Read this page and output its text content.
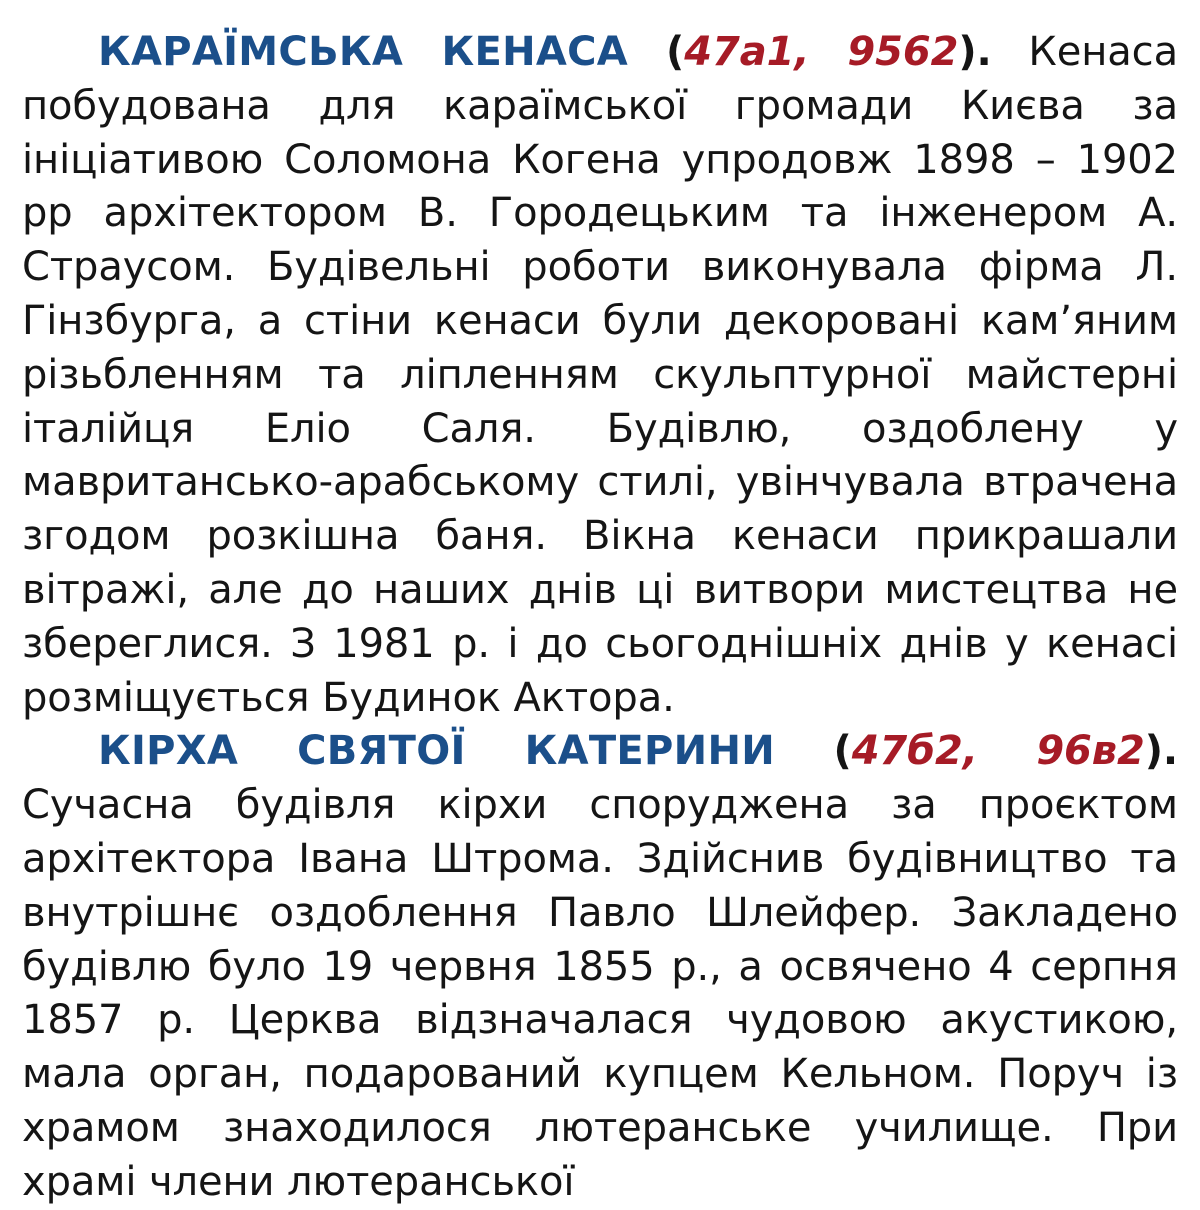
КАРАЇМСЬКА КЕНАСА (47а1, 9562). Кенаса побудована для караїмської громади Києва за ініціативою Соломона Когена упродовж 1898 – 1902 рр архітектором В. Городецьким та інженером А. Страусом. Будівельні роботи виконувала фірма Л. Гінзбурга, а стіни кенаси були декоровані кам’яним різьбленням та ліпленням скульптурної майстерні італійця Еліо Саля. Будівлю, оздоблену у мавритансько-арабському стилі, увінчувала втрачена згодом розкішна баня. Вікна кенаси прикрашали вітражі, але до наших днів ці витвори мистецтва не збереглися. З 1981 р. і до сьогоднішніх днів у кенасі розміщується Будинок Актора.

КІРХА СВЯТОЇ КАТЕРИНИ (47б2, 96в2). Сучасна будівля кірхи споруджена за проєктом архітектора Івана Штрома. Здійснив будівництво та внутрішнє оздоблення Павло Шлейфер. Закладено будівлю було 19 червня 1855 р., а освячено 4 серпня 1857 р. Церква відзначалася чудовою акустикою, мала орган, подарований купцем Кельном. Поруч із храмом знаходилося лютеранське училище. При храмі члени лютеранської
